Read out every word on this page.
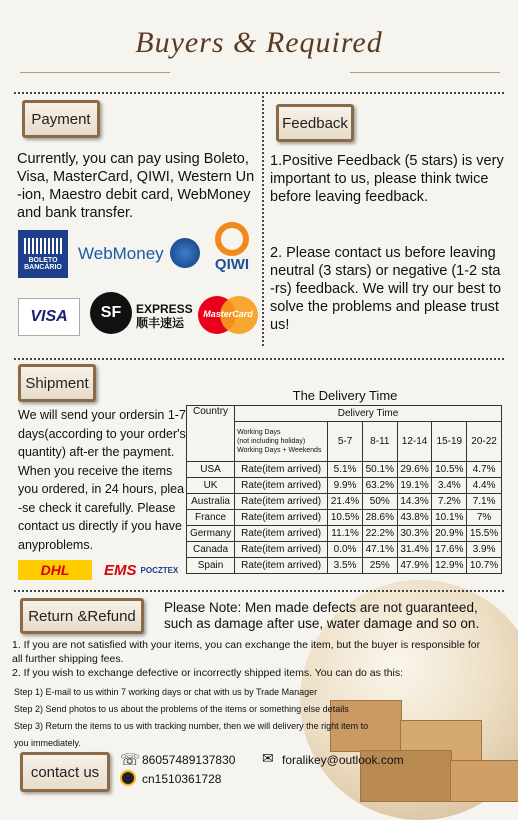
Buyers & Required
Payment
Currently, you can pay using Boleto,
Visa, MasterCard, QIWI, Western Un
-ion, Maestro debit card, WebMoney
and bank transfer.
BOLETO BANCÁRIO
WebMoney
QIWI
VISA	SF	EXPRESS
顺丰速运
MasterCard
Feedback
1.Positive Feedback (5 stars) is very
important to us, please think twice
before leaving feedback.
2. Please contact us before leaving
neutral (3 stars) or negative (1-2 sta
-rs) feedback. We will try our best to
solve the problems and please trust
us!
Shipment
We will send your ordersin 1-7
days(according to your order's
quantity) aft-er the payment.
When you receive the items
you ordered, in 24 hours, plea
-se check it carefully. Please
contact us directly if you have
anyproblems.
DHL EMS POCZTEX
The Delivery Time
Country	Delivery Time					

	Working Days
(not including holiday)
Working Days + Weekends	5-7	8-11	12-14	15-19	20-22
USA	Rate(item arrived)	5.1%	50.1%	29.6%	10.5%	4.7%
UK	Rate(item arrived)	9.9%	63.2%	19.1%	3.4%	4.4%
Australia	Rate(item arrived)	21.4%	50%	14.3%	7.2%	7.1%
France	Rate(item arrived)	10.5%	28.6%	43.8%	10.1%	7%
Germany	Rate(item arrived)	11.1%	22.2%	30.3%	20.9%	15.5%
Canada	Rate(item arrived)	0.0%	47.1%	31.4%	17.6%	3.9%
Spain	Rate(item arrived)	3.5%	25%	47.9%	12.9%	10.7%
Return &Refund Please Note: Men made defects are not guaranteed,
such as damage after use, water damage and so on.
1. If you are not satisfied with your items, you can exchange the item, but the buyer is responsible for
all further shipping fees.
2. If you wish to exchange defective or incorrectly shipped items. You can do as this:
Step 1) E-mail to us within 7 working days or chat with us by Trade Manager
Step 2) Send photos to us about the problems of the items or something else details
Step 3) Return the items to us with tracking number, then we will delivery the right item to
you immediately.
contact us
☏ 86057489137830 ✉ foralikey@outlook.com
cn1510361728
